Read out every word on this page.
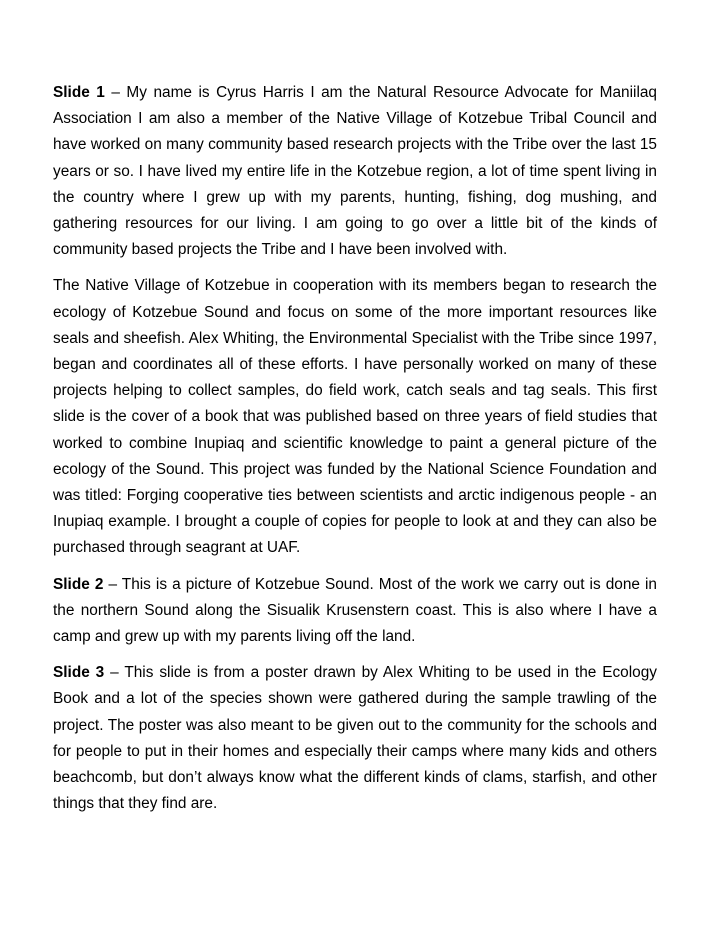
Slide 1 – My name is Cyrus Harris I am the Natural Resource Advocate for Maniilaq Association I am also a member of the Native Village of Kotzebue Tribal Council and have worked on many community based research projects with the Tribe over the last 15 years or so. I have lived my entire life in the Kotzebue region, a lot of time spent living in the country where I grew up with my parents, hunting, fishing, dog mushing, and gathering resources for our living. I am going to go over a little bit of the kinds of community based projects the Tribe and I have been involved with.

The Native Village of Kotzebue in cooperation with its members began to research the ecology of Kotzebue Sound and focus on some of the more important resources like seals and sheefish. Alex Whiting, the Environmental Specialist with the Tribe since 1997, began and coordinates all of these efforts. I have personally worked on many of these projects helping to collect samples, do field work, catch seals and tag seals. This first slide is the cover of a book that was published based on three years of field studies that worked to combine Inupiaq and scientific knowledge to paint a general picture of the ecology of the Sound. This project was funded by the National Science Foundation and was titled: Forging cooperative ties between scientists and arctic indigenous people - an Inupiaq example. I brought a couple of copies for people to look at and they can also be purchased through seagrant at UAF.

Slide 2 – This is a picture of Kotzebue Sound. Most of the work we carry out is done in the northern Sound along the Sisualik Krusenstern coast. This is also where I have a camp and grew up with my parents living off the land.

Slide 3 – This slide is from a poster drawn by Alex Whiting to be used in the Ecology Book and a lot of the species shown were gathered during the sample trawling of the project. The poster was also meant to be given out to the community for the schools and for people to put in their homes and especially their camps where many kids and others beachcomb, but don’t always know what the different kinds of clams, starfish, and other things that they find are.
